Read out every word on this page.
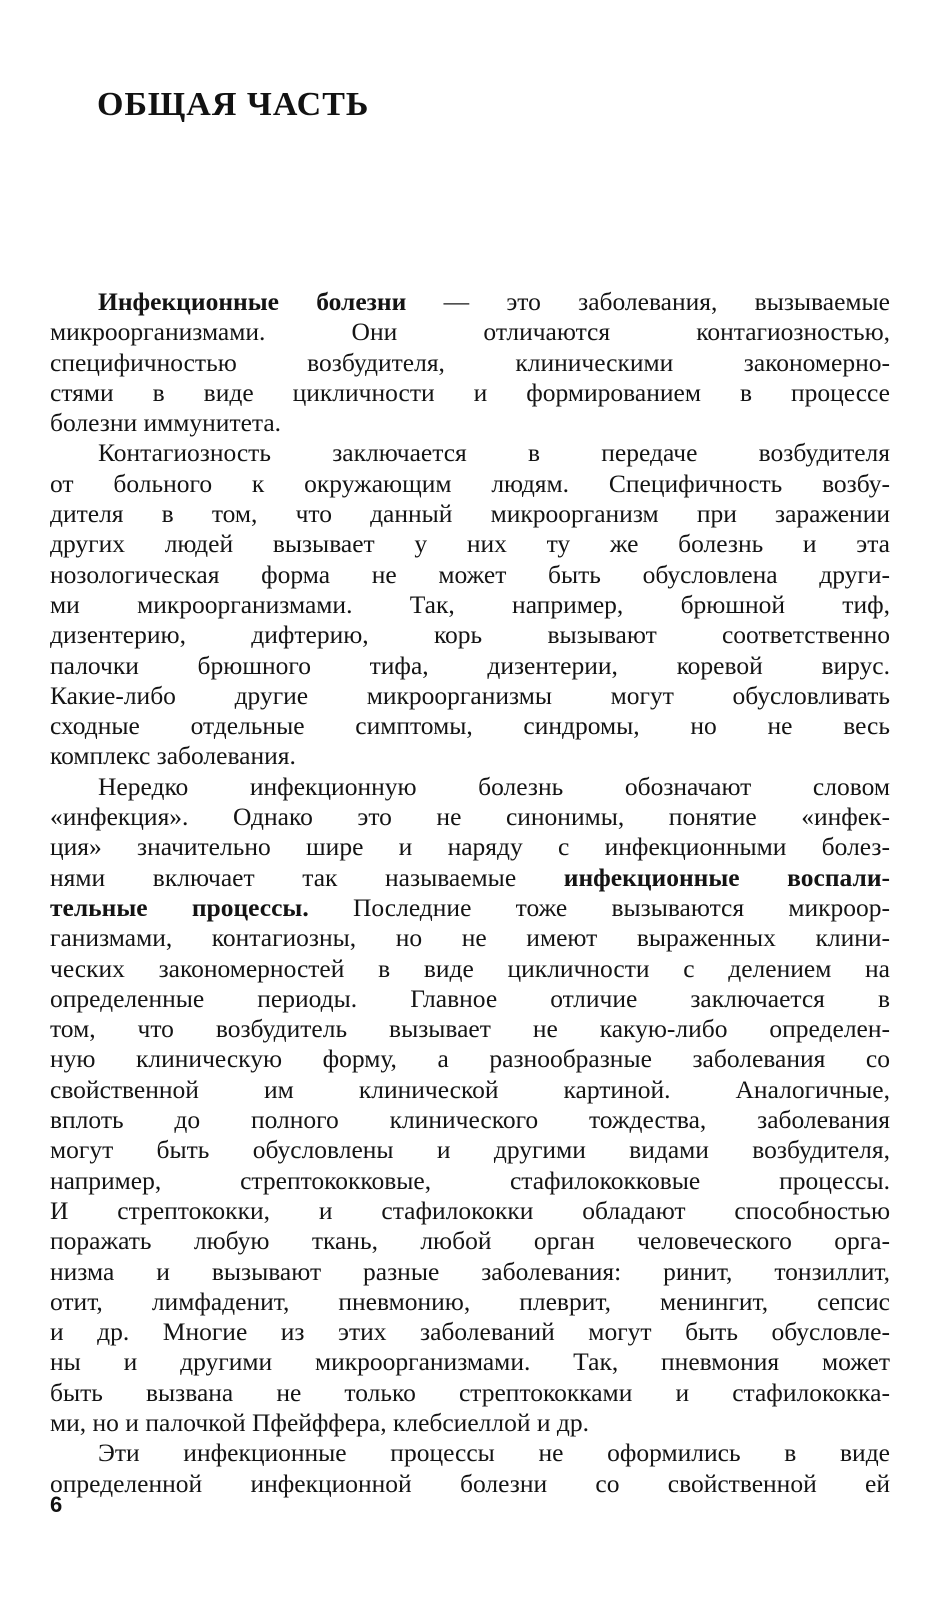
ОБЩАЯ ЧАСТЬ
Инфекционные болезни — это заболевания, вызываемые
микроорганизмами. Они отличаются контагиозностью,
специфичностью возбудителя, клиническими закономерно-
стями в виде цикличности и формированием в процессе
болезни иммунитета.
Контагиозность заключается в передаче возбудителя
от больного к окружающим людям. Специфичность возбу-
дителя в том, что данный микроорганизм при заражении
других людей вызывает у них ту же болезнь и эта
нозологическая форма не может быть обусловлена други-
ми микроорганизмами. Так, например, брюшной тиф,
дизентерию, дифтерию, корь вызывают соответственно
палочки брюшного тифа, дизентерии, коревой вирус.
Какие-либо другие микроорганизмы могут обусловливать
сходные отдельные симптомы, синдромы, но не весь
комплекс заболевания.
Нередко инфекционную болезнь обозначают словом
«инфекция». Однако это не синонимы, понятие «инфек-
ция» значительно шире и наряду с инфекционными болез-
нями включает так называемые инфекционные воспали-
тельные процессы. Последние тоже вызываются микроор-
ганизмами, контагиозны, но не имеют выраженных клини-
ческих закономерностей в виде цикличности с делением на
определенные периоды. Главное отличие заключается в
том, что возбудитель вызывает не какую-либо определен-
ную клиническую форму, а разнообразные заболевания со
свойственной им клинической картиной. Аналогичные,
вплоть до полного клинического тождества, заболевания
могут быть обусловлены и другими видами возбудителя,
например, стрептококковые, стафилококковые процессы.
И стрептококки, и стафилококки обладают способностью
поражать любую ткань, любой орган человеческого орга-
низма и вызывают разные заболевания: ринит, тонзиллит,
отит, лимфаденит, пневмонию, плеврит, менингит, сепсис
и др. Многие из этих заболеваний могут быть обусловле-
ны и другими микроорганизмами. Так, пневмония может
быть вызвана не только стрептококками и стафилококка-
ми, но и палочкой Пфейффера, клебсиеллой и др.
Эти инфекционные процессы не оформились в виде
определенной инфекционной болезни со свойственной ей
6
